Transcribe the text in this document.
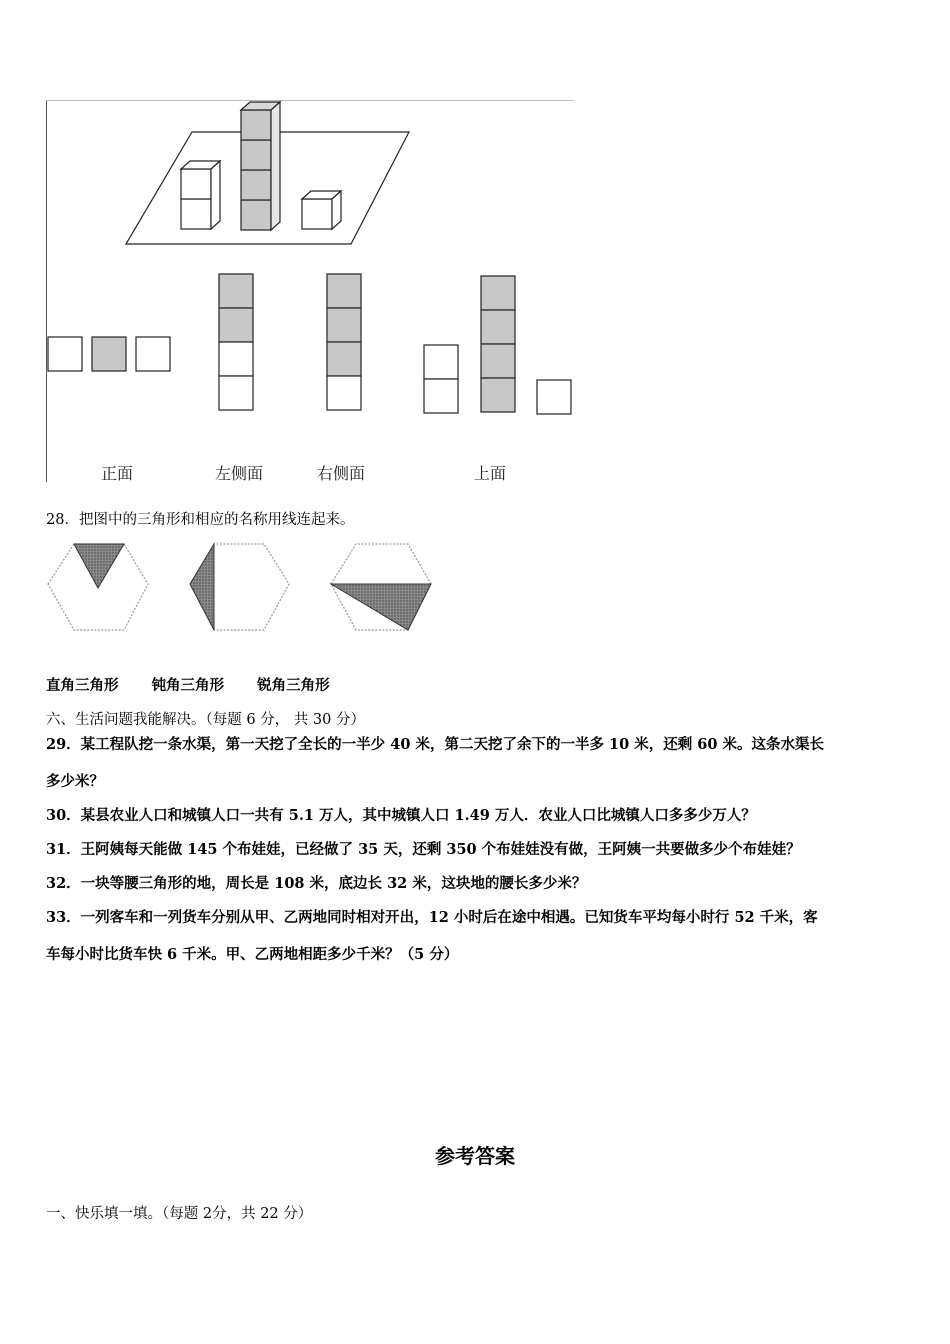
正面	左侧面	右侧面	上面
28．把图中的三角形和相应的名称用线连起来。
直角三角形 钝角三角形 锐角三角形
六、生活问题我能解决。（每题 6 分， 共 30 分）
29．某工程队挖一条水渠，第一天挖了全长的一半少 40 米，第二天挖了余下的一半多 10 米，还剩 60 米。这条水渠长
多少米？
30．某县农业人口和城镇人口一共有 5.1 万人，其中城镇人口 1.49 万人．农业人口比城镇人口多多少万人？
31．王阿姨每天能做 145 个布娃娃，已经做了 35 天，还剩 350 个布娃娃没有做，王阿姨一共要做多少个布娃娃？
32．一块等腰三角形的地，周长是 108 米，底边长 32 米，这块地的腰长多少米？
33．一列客车和一列货车分别从甲、乙两地同时相对开出，12 小时后在途中相遇。已知货车平均每小时行 52 千米，客
车每小时比货车快 6 千米。甲、乙两地相距多少千米？（5 分）
参考答案
一、快乐填一填。（每题 2分，共 22 分）
